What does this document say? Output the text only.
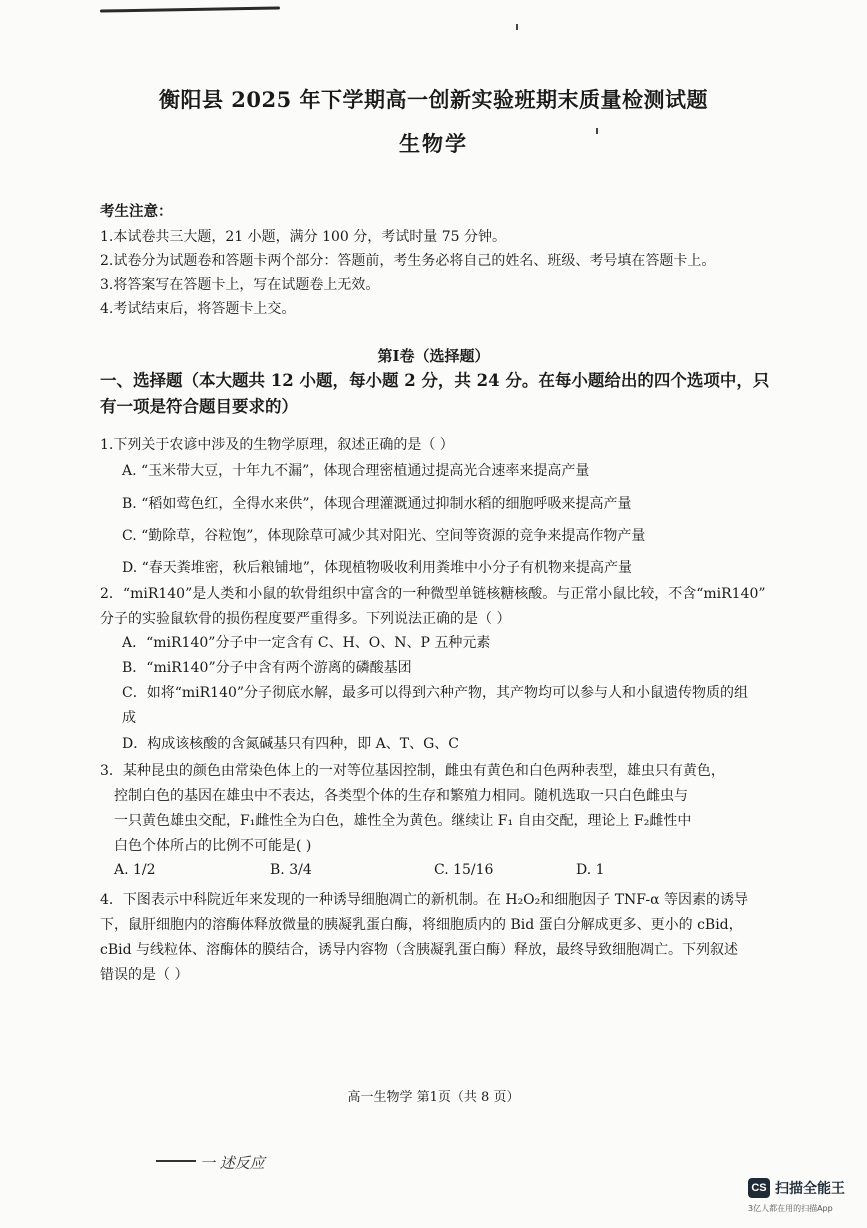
衡阳县 2025 年下学期高一创新实验班期末质量检测试题
生物学
考生注意：
1.本试卷共三大题，21 小题，满分 100 分，考试时量 75 分钟。
2.试卷分为试题卷和答题卡两个部分：答题前，考生务必将自己的姓名、班级、考号填在答题卡上。
3.将答案写在答题卡上，写在试题卷上无效。
4.考试结束后，将答题卡上交。
第Ⅰ卷（选择题）
一、选择题（本大题共 12 小题，每小题 2 分，共 24 分。在每小题给出的四个选项中，只有一项是符合题目要求的）
1.下列关于农谚中涉及的生物学原理，叙述正确的是（ ）
A. “玉米带大豆，十年九不漏”，体现合理密植通过提高光合速率来提高产量
B. “稻如莺色红，全得水来供”，体现合理灌溉通过抑制水稻的细胞呼吸来提高产量
C. “勤除草，谷粒饱”，体现除草可减少其对阳光、空间等资源的竞争来提高作物产量
D. “春天粪堆密，秋后粮铺地”，体现植物吸收利用粪堆中小分子有机物来提高产量
2．“miR140”是人类和小鼠的软骨组织中富含的一种微型单链核糖核酸。与正常小鼠比较，不含“miR140”
分子的实验鼠软骨的损伤程度要严重得多。下列说法正确的是（ ）
A．“miR140”分子中一定含有 C、H、O、N、P 五种元素
B．“miR140”分子中含有两个游离的磷酸基团
C．如将“miR140”分子彻底水解，最多可以得到六种产物，其产物均可以参与人和小鼠遗传物质的组
成
D．构成该核酸的含氮碱基只有四种，即 A、T、G、C
3．某种昆虫的颜色由常染色体上的一对等位基因控制，雌虫有黄色和白色两种表型，雄虫只有黄色，
控制白色的基因在雄虫中不表达，各类型个体的生存和繁殖力相同。随机选取一只白色雌虫与
一只黄色雄虫交配，F₁雌性全为白色，雄性全为黄色。继续让 F₁ 自由交配，理论上 F₂雌性中
白色个体所占的比例不可能是( )
A. 1/2	B. 3/4	C. 15/16	D. 1
4．下图表示中科院近年来发现的一种诱导细胞凋亡的新机制。在 H₂O₂和细胞因子 TNF-α 等因素的诱导
下，鼠肝细胞内的溶酶体释放微量的胰凝乳蛋白酶，将细胞质内的 Bid 蛋白分解成更多、更小的 cBid，
cBid 与线粒体、溶酶体的膜结合，诱导内容物（含胰凝乳蛋白酶）释放，最终导致细胞凋亡。下列叙述
错误的是（ ）
高一生物学 第1页（共 8 页）
一 述反应
CS 扫描全能王
3亿人都在用的扫描App
